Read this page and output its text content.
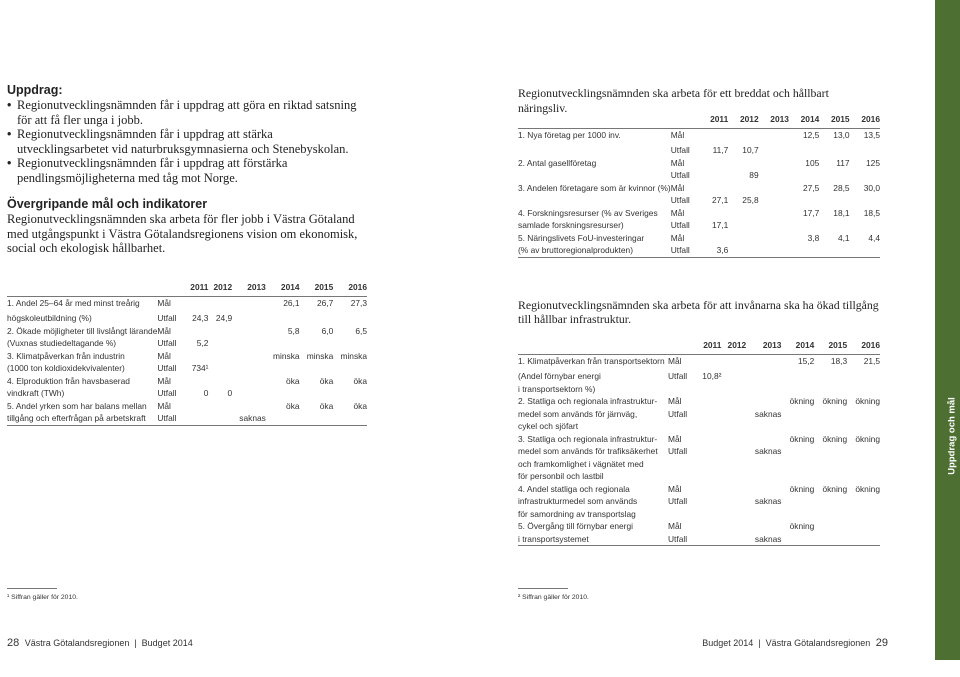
Uppdrag:
• Regionutvecklingsnämnden får i uppdrag att göra en riktad satsning för att få fler unga i jobb.
• Regionutvecklingsnämnden får i uppdrag att stärka utvecklingsarbetet vid naturbruksgymnasierna och Stenebyskolan.
• Regionutvecklingsnämnden får i uppdrag att förstärka pendlingsmöjligheterna med tåg mot Norge.
Övergripande mål och indikatorer
Regionutvecklingsnämnden ska arbeta för fler jobb i Västra Götaland med utgångspunkt i Västra Götalandsregionens vision om ekonomisk, social och ekologisk hållbarhet.
		2011	2012	2013	2014	2015	2016
1. Andel 25–64 år med minst treårig	Mål				26,1	26,7	27,3
högskoleutbildning (%)	Utfall	24,3	24,9				
2. Ökade möjligheter till livslångt lärande	Mål				5,8	6,0	6,5
(Vuxnas studiedeltagande %)	Utfall	5,2					
3. Klimatpåverkan från industrin	Mål				minska	minska	minska
(1000 ton koldioxidekvivalenter)	Utfall	734¹					
4. Elproduktion från havsbaserad	Mål				öka	öka	öka
vindkraft (TWh)	Utfall	0	0				
5. Andel yrken som har balans mellan	Mål				öka	öka	öka
tillgång och efterfrågan på arbetskraft	Utfall			saknas			
Regionutvecklingsnämnden ska arbeta för ett breddat och hållbart näringsliv.
		2011	2012	2013	2014	2015	2016
1. Nya företag per 1000 inv.	Mål				12,5	13,0	13,5
	Utfall	11,7	10,7				
2. Antal gasellföretag	Mål				105	117	125
	Utfall		89				
3. Andelen företagare som är kvinnor (%)	Mål				27,5	28,5	30,0
	Utfall	27,1	25,8				
4. Forskningsresurser (% av Sveriges	Mål				17,7	18,1	18,5
samlade forskningsresurser)	Utfall	17,1					
5. Näringslivets FoU-investeringar	Mål				3,8	4,1	4,4
(% av bruttoregionalprodukten)	Utfall	3,6					
Regionutvecklingsnämnden ska arbeta för att invånarna ska ha ökad tillgång till hållbar infrastruktur.
		2011	2012	2013	2014	2015	2016
1. Klimatpåverkan från transportsektorn	Mål				15,2	18,3	21,5
(Andel förnybar energi	Utfall	10,8²					
i transportsektorn %)							
2. Statliga och regionala infrastruktur-	Mål				ökning	ökning	ökning
medel som används för järnväg,	Utfall			saknas			
cykel och sjöfart							
3. Statliga och regionala infrastruktur-	Mål				ökning	ökning	ökning
medel som används för trafiksäkerhet	Utfall			saknas			
och framkomlighet i vägnätet med							
för personbil och lastbil							
4. Andel statliga och regionala	Mål				ökning	ökning	ökning
infrastrukturmedel som används	Utfall			saknas			
för samordning av transportslag							
5. Övergång till förnybar energi	Mål				ökning		
i transportsystemet	Utfall			saknas			
¹ Siffran gäller för 2010.	² Siffran gäller för 2010.
28 Västra Götalandsregionen  |  Budget 2014	Budget 2014  |  Västra Götalandsregionen 29
Uppdrag och mål
